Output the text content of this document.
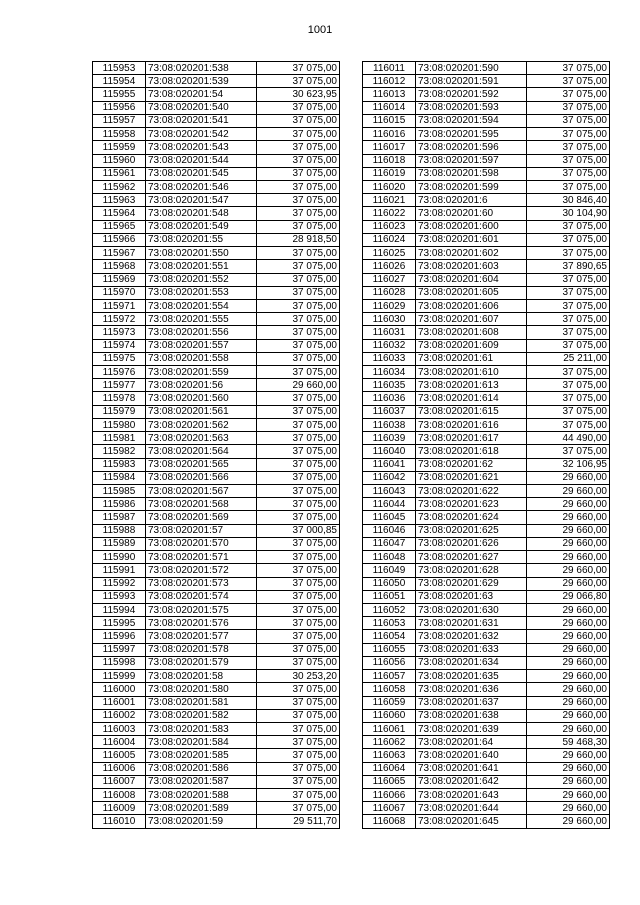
1001
115953	73:08:020201:538	37 075,00
115954	73:08:020201:539	37 075,00
115955	73:08:020201:54	30 623,95
115956	73:08:020201:540	37 075,00
115957	73:08:020201:541	37 075,00
115958	73:08:020201:542	37 075,00
115959	73:08:020201:543	37 075,00
115960	73:08:020201:544	37 075,00
115961	73:08:020201:545	37 075,00
115962	73:08:020201:546	37 075,00
115963	73:08:020201:547	37 075,00
115964	73:08:020201:548	37 075,00
115965	73:08:020201:549	37 075,00
115966	73:08:020201:55	28 918,50
115967	73:08:020201:550	37 075,00
115968	73:08:020201:551	37 075,00
115969	73:08:020201:552	37 075,00
115970	73:08:020201:553	37 075,00
115971	73:08:020201:554	37 075,00
115972	73:08:020201:555	37 075,00
115973	73:08:020201:556	37 075,00
115974	73:08:020201:557	37 075,00
115975	73:08:020201:558	37 075,00
115976	73:08:020201:559	37 075,00
115977	73:08:020201:56	29 660,00
115978	73:08:020201:560	37 075,00
115979	73:08:020201:561	37 075,00
115980	73:08:020201:562	37 075,00
115981	73:08:020201:563	37 075,00
115982	73:08:020201:564	37 075,00
115983	73:08:020201:565	37 075,00
115984	73:08:020201:566	37 075,00
115985	73:08:020201:567	37 075,00
115986	73:08:020201:568	37 075,00
115987	73:08:020201:569	37 075,00
115988	73:08:020201:57	37 000,85
115989	73:08:020201:570	37 075,00
115990	73:08:020201:571	37 075,00
115991	73:08:020201:572	37 075,00
115992	73:08:020201:573	37 075,00
115993	73:08:020201:574	37 075,00
115994	73:08:020201:575	37 075,00
115995	73:08:020201:576	37 075,00
115996	73:08:020201:577	37 075,00
115997	73:08:020201:578	37 075,00
115998	73:08:020201:579	37 075,00
115999	73:08:020201:58	30 253,20
116000	73:08:020201:580	37 075,00
116001	73:08:020201:581	37 075,00
116002	73:08:020201:582	37 075,00
116003	73:08:020201:583	37 075,00
116004	73:08:020201:584	37 075,00
116005	73:08:020201:585	37 075,00
116006	73:08:020201:586	37 075,00
116007	73:08:020201:587	37 075,00
116008	73:08:020201:588	37 075,00
116009	73:08:020201:589	37 075,00
116010	73:08:020201:59	29 511,70
116011	73:08:020201:590	37 075,00
116012	73:08:020201:591	37 075,00
116013	73:08:020201:592	37 075,00
116014	73:08:020201:593	37 075,00
116015	73:08:020201:594	37 075,00
116016	73:08:020201:595	37 075,00
116017	73:08:020201:596	37 075,00
116018	73:08:020201:597	37 075,00
116019	73:08:020201:598	37 075,00
116020	73:08:020201:599	37 075,00
116021	73:08:020201:6	30 846,40
116022	73:08:020201:60	30 104,90
116023	73:08:020201:600	37 075,00
116024	73:08:020201:601	37 075,00
116025	73:08:020201:602	37 075,00
116026	73:08:020201:603	37 890,65
116027	73:08:020201:604	37 075,00
116028	73:08:020201:605	37 075,00
116029	73:08:020201:606	37 075,00
116030	73:08:020201:607	37 075,00
116031	73:08:020201:608	37 075,00
116032	73:08:020201:609	37 075,00
116033	73:08:020201:61	25 211,00
116034	73:08:020201:610	37 075,00
116035	73:08:020201:613	37 075,00
116036	73:08:020201:614	37 075,00
116037	73:08:020201:615	37 075,00
116038	73:08:020201:616	37 075,00
116039	73:08:020201:617	44 490,00
116040	73:08:020201:618	37 075,00
116041	73:08:020201:62	32 106,95
116042	73:08:020201:621	29 660,00
116043	73:08:020201:622	29 660,00
116044	73:08:020201:623	29 660,00
116045	73:08:020201:624	29 660,00
116046	73:08:020201:625	29 660,00
116047	73:08:020201:626	29 660,00
116048	73:08:020201:627	29 660,00
116049	73:08:020201:628	29 660,00
116050	73:08:020201:629	29 660,00
116051	73:08:020201:63	29 066,80
116052	73:08:020201:630	29 660,00
116053	73:08:020201:631	29 660,00
116054	73:08:020201:632	29 660,00
116055	73:08:020201:633	29 660,00
116056	73:08:020201:634	29 660,00
116057	73:08:020201:635	29 660,00
116058	73:08:020201:636	29 660,00
116059	73:08:020201:637	29 660,00
116060	73:08:020201:638	29 660,00
116061	73:08:020201:639	29 660,00
116062	73:08:020201:64	59 468,30
116063	73:08:020201:640	29 660,00
116064	73:08:020201:641	29 660,00
116065	73:08:020201:642	29 660,00
116066	73:08:020201:643	29 660,00
116067	73:08:020201:644	29 660,00
116068	73:08:020201:645	29 660,00
